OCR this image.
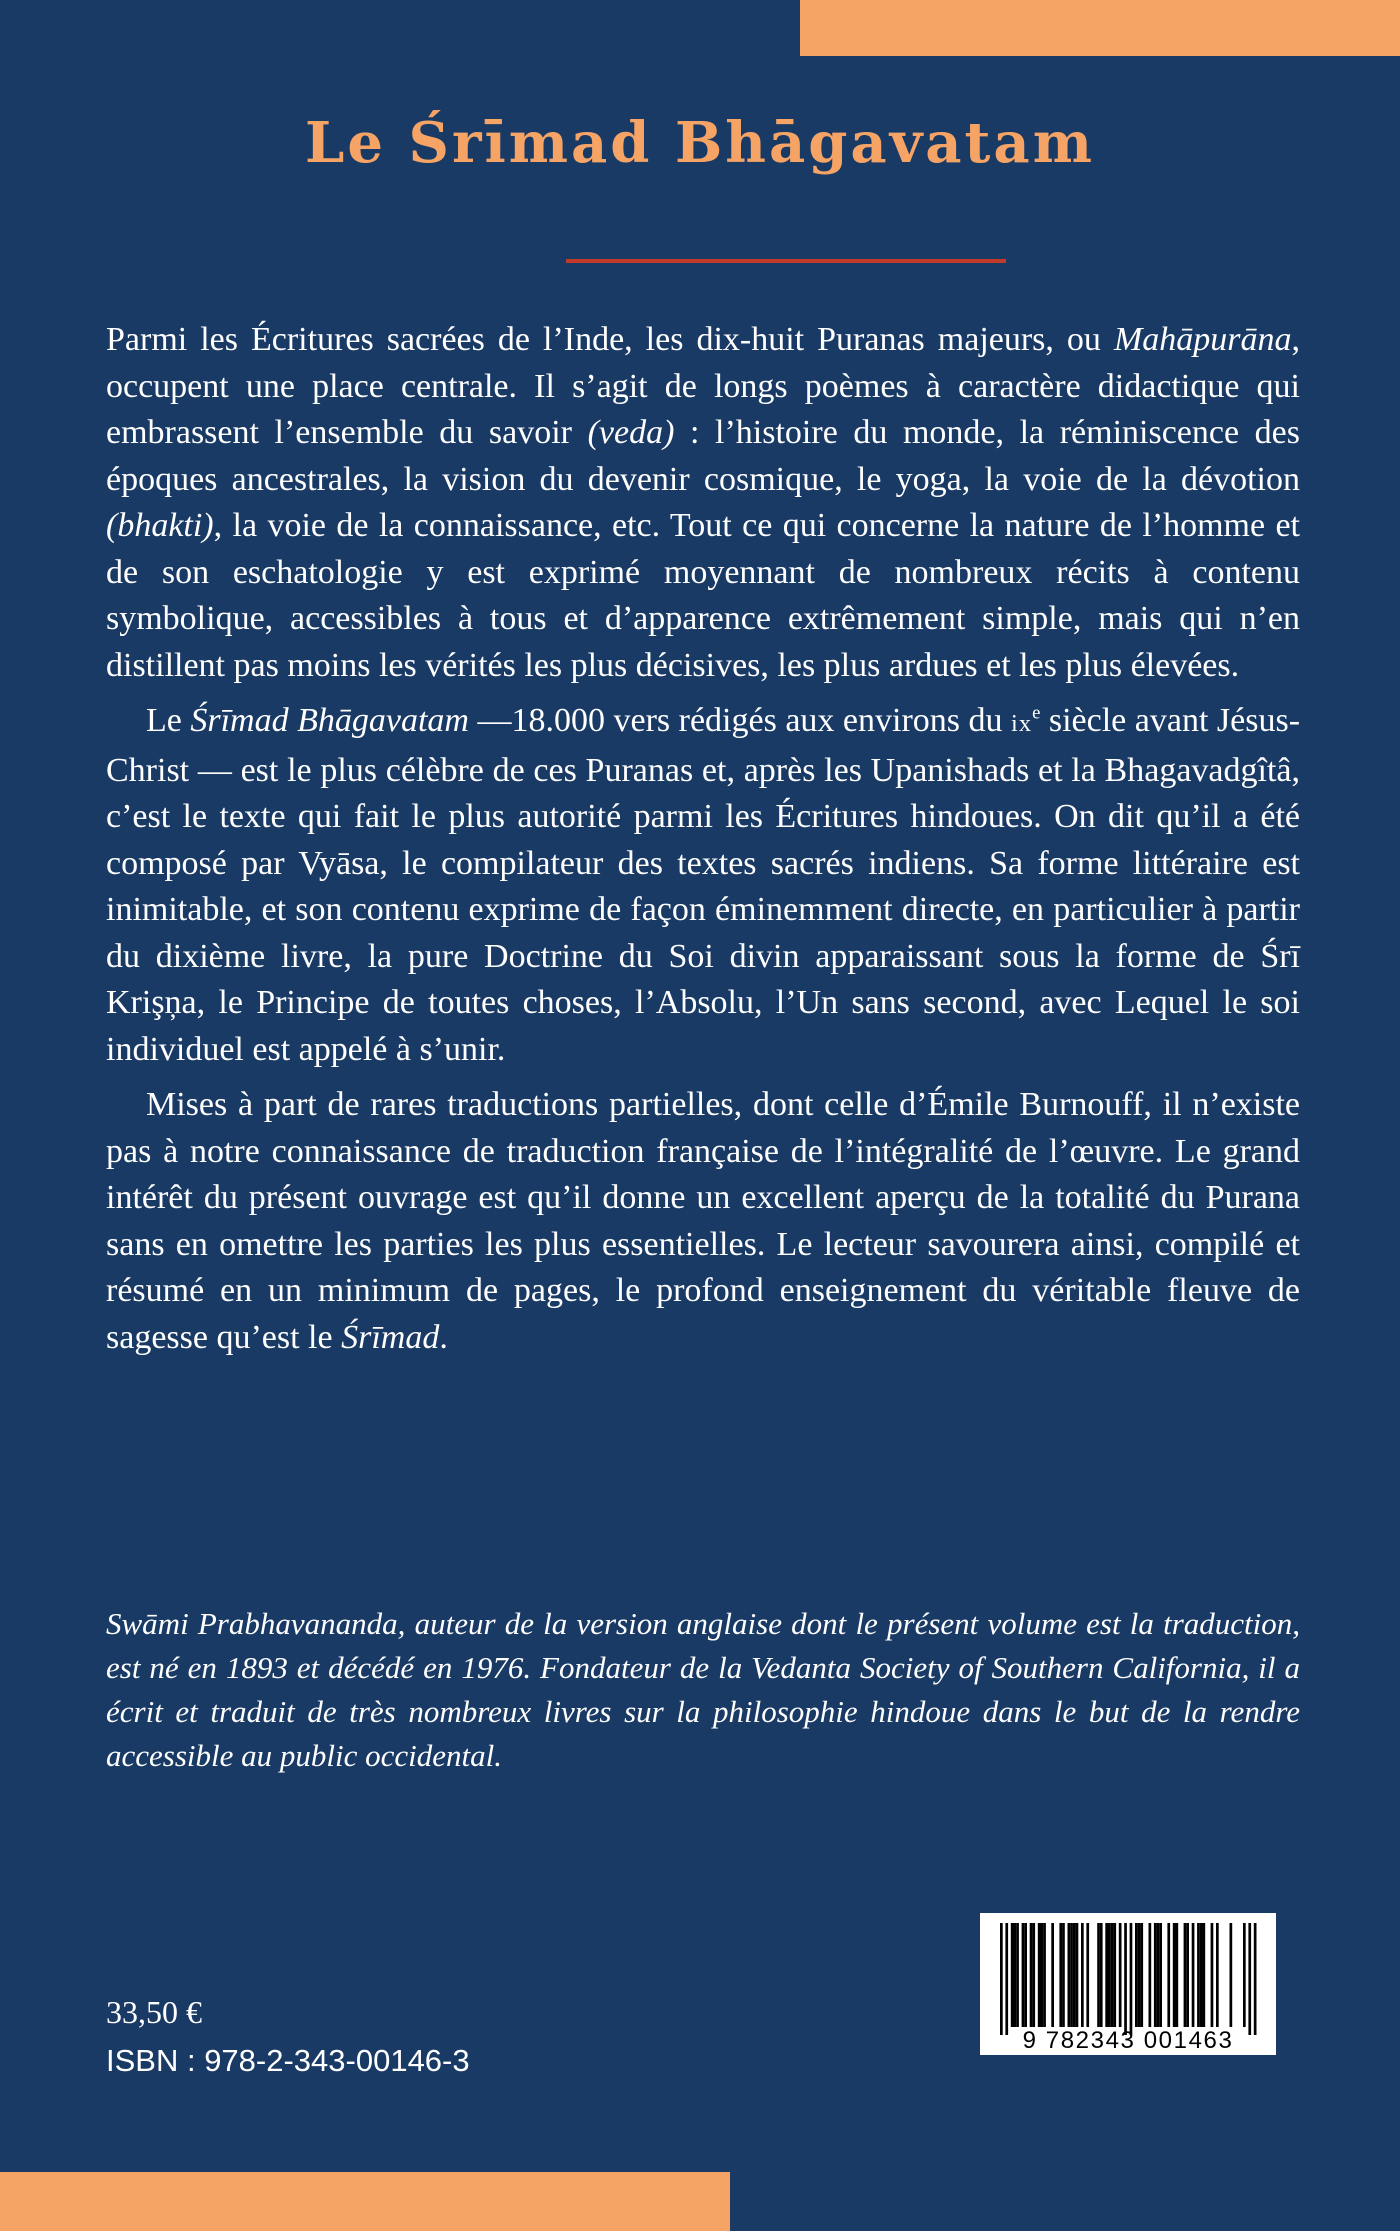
Le Śrīmad Bhāgavatam

Parmi les Écritures sacrées de l’Inde, les dix-huit Puranas majeurs, ou Mahāpurāna, occupent une place centrale. Il s’agit de longs poèmes à caractère didactique qui embrassent l’ensemble du savoir (veda) : l’histoire du monde, la réminiscence des époques ancestrales, la vision du devenir cosmique, le yoga, la voie de la dévotion (bhakti), la voie de la connaissance, etc. Tout ce qui concerne la nature de l’homme et de son eschatologie y est exprimé moyennant de nombreux récits à contenu symbolique, accessibles à tous et d’apparence extrêmement simple, mais qui n’en distillent pas moins les vérités les plus décisives, les plus ardues et les plus élevées.

Le Śrīmad Bhāgavatam —18.000 vers rédigés aux environs du $ix^e$ siècle avant Jésus-Christ — est le plus célèbre de ces Puranas et, après les Upanishads et la Bhagavadgîtâ, c’est le texte qui fait le plus autorité parmi les Écritures hindoues. On dit qu’il a été composé par Vyāsa, le compilateur des textes sacrés indiens. Sa forme littéraire est inimitable, et son contenu exprime de façon éminemment directe, en particulier à partir du dixième livre, la pure Doctrine du Soi divin apparaissant sous la forme de Śrī Krişņa, le Principe de toutes choses, l’Absolu, l’Un sans second, avec Lequel le soi individuel est appelé à s’unir.

Mises à part de rares traductions partielles, dont celle d’Émile Burnouff, il n’existe pas à notre connaissance de traduction française de l’intégralité de l’œuvre. Le grand intérêt du présent ouvrage est qu’il donne un excellent aperçu de la totalité du Purana sans en omettre les parties les plus essentielles. Le lecteur savourera ainsi, compilé et résumé en un minimum de pages, le profond enseignement du véritable fleuve de sagesse qu’est le Śrīmad.

Swāmi Prabhavananda, auteur de la version anglaise dont le présent volume est la traduction, est né en 1893 et décédé en 1976. Fondateur de la Vedanta Society of Southern California, il a écrit et traduit de très nombreux livres sur la philosophie hindoue dans le but de la rendre accessible au public occidental.

33,50 €

ISBN : 978-2-343-00146-3

9 782343 001463
